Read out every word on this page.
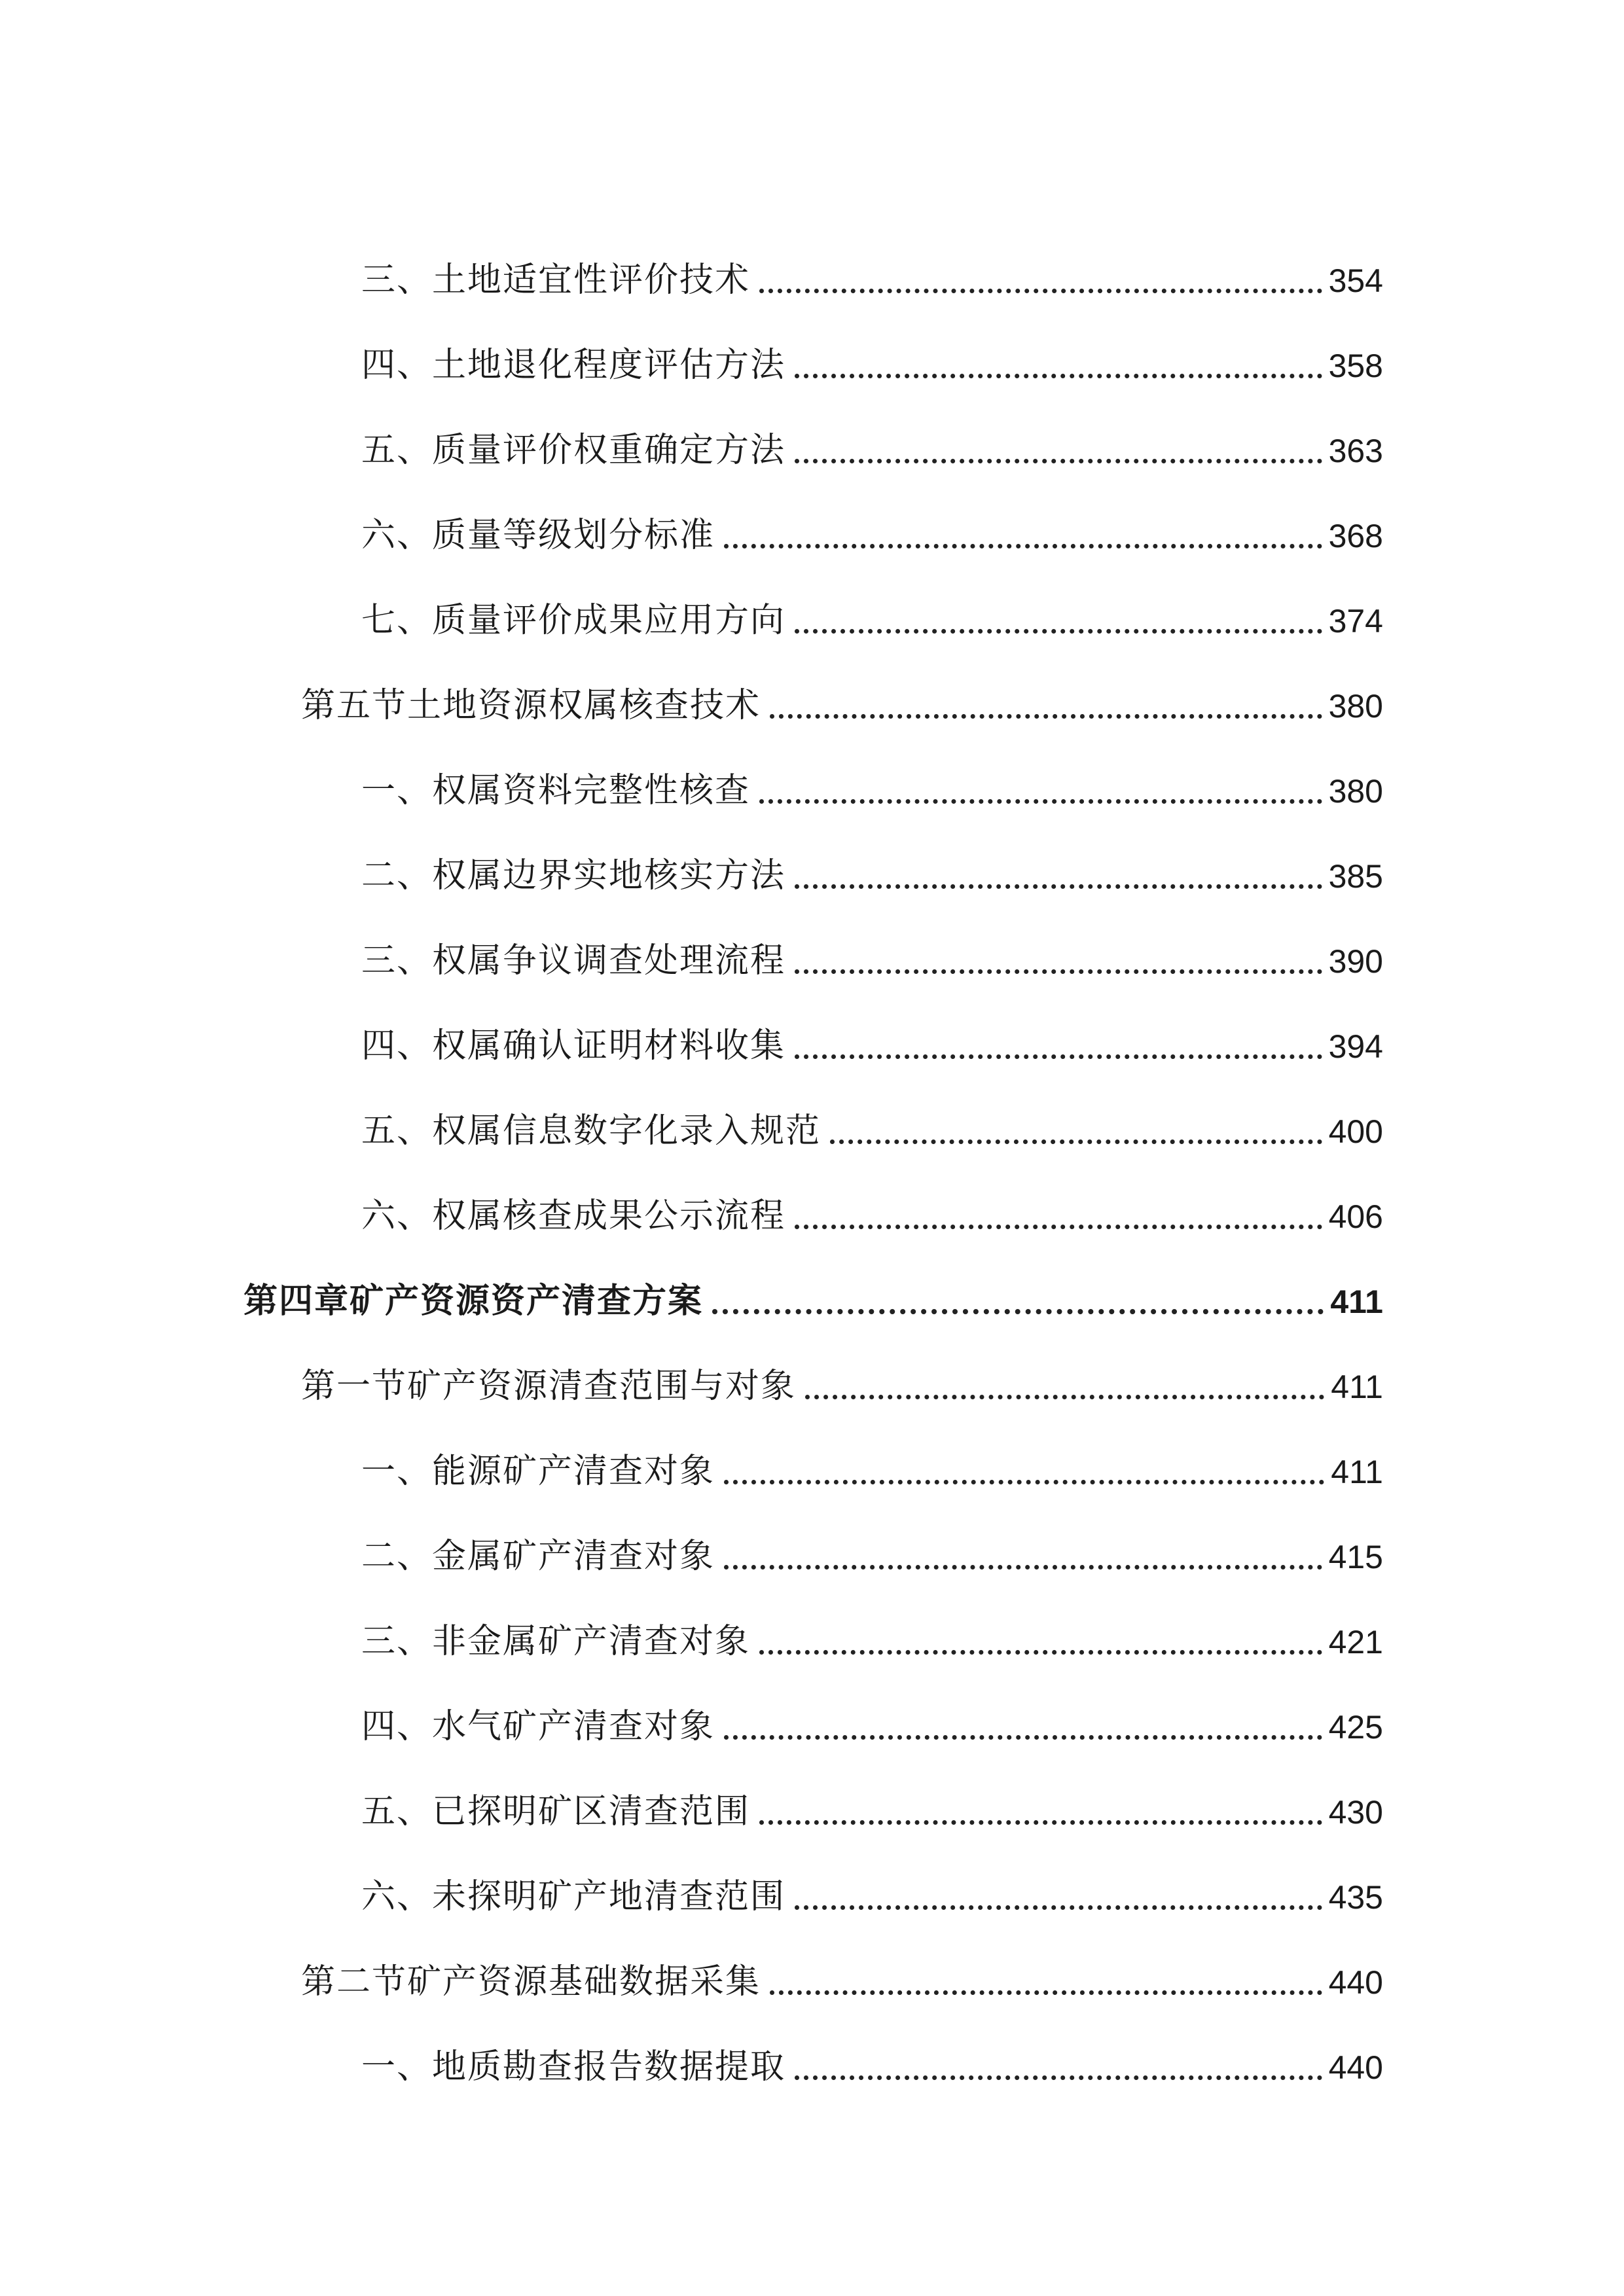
三、土地适宜性评价技术	354
四、土地退化程度评估方法	358
五、质量评价权重确定方法	363
六、质量等级划分标准	368
七、质量评价成果应用方向	374
第五节土地资源权属核查技术	380
一、权属资料完整性核查	380
二、权属边界实地核实方法	385
三、权属争议调查处理流程	390
四、权属确认证明材料收集	394
五、权属信息数字化录入规范	400
六、权属核查成果公示流程	406
第四章矿产资源资产清查方案	411
第一节矿产资源清查范围与对象	411
一、能源矿产清查对象	411
二、金属矿产清查对象	415
三、非金属矿产清查对象	421
四、水气矿产清查对象	425
五、已探明矿区清查范围	430
六、未探明矿产地清查范围	435
第二节矿产资源基础数据采集	440
一、地质勘查报告数据提取	440
